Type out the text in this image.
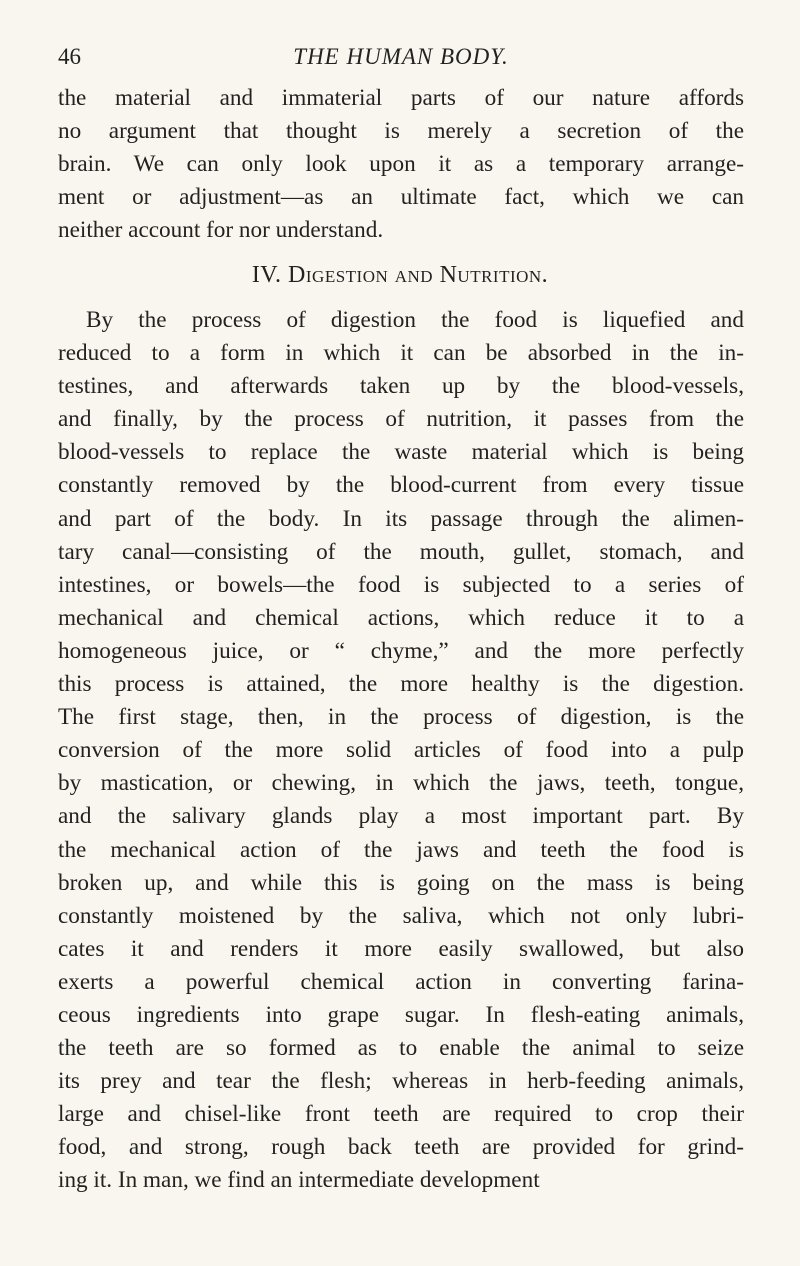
46	THE HUMAN BODY.

the material and immaterial parts of our nature affords
no argument that thought is merely a secretion of the
brain. We can only look upon it as a temporary arrange-
ment or adjustment—as an ultimate fact, which we can
neither account for nor understand.

IV. Digestion and Nutrition.

By the process of digestion the food is liquefied and
reduced to a form in which it can be absorbed in the in-
testines, and afterwards taken up by the blood-vessels,
and finally, by the process of nutrition, it passes from the
blood-vessels to replace the waste material which is being
constantly removed by the blood-current from every tissue
and part of the body. In its passage through the alimen-
tary canal—consisting of the mouth, gullet, stomach, and
intestines, or bowels—the food is subjected to a series of
mechanical and chemical actions, which reduce it to a
homogeneous juice, or “ chyme,” and the more perfectly
this process is attained, the more healthy is the digestion.
The first stage, then, in the process of digestion, is the
conversion of the more solid articles of food into a pulp
by mastication, or chewing, in which the jaws, teeth, tongue,
and the salivary glands play a most important part. By
the mechanical action of the jaws and teeth the food is
broken up, and while this is going on the mass is being
constantly moistened by the saliva, which not only lubri-
cates it and renders it more easily swallowed, but also
exerts a powerful chemical action in converting farina-
ceous ingredients into grape sugar. In flesh-eating animals,
the teeth are so formed as to enable the animal to seize
its prey and tear the flesh; whereas in herb-feeding animals,
large and chisel-like front teeth are required to crop their
food, and strong, rough back teeth are provided for grind-
ing it. In man, we find an intermediate development
